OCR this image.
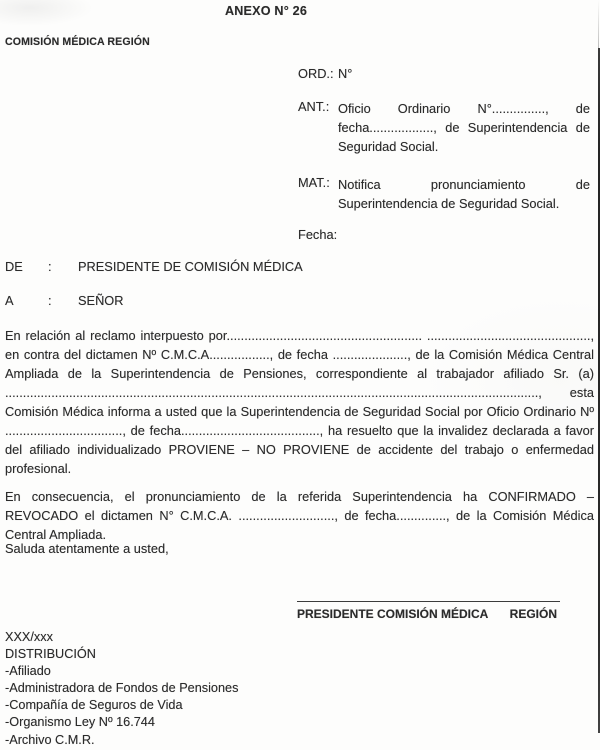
ANEXO N° 26
COMISIÓN MÉDICA REGIÓN
ORD.: N°
ANT.: Oficio Ordinario N°..............., de fecha.................., de Superintendencia de Seguridad Social.
MAT.: Notifica pronunciamiento de Superintendencia de Seguridad Social.
Fecha:
DE : PRESIDENTE DE COMISIÓN MÉDICA
A	: SEÑOR
En relación al reclamo interpuesto por....................................................... .............................................., en contra del dictamen Nº C.M.C.A................., de fecha ....................., de la Comisión Médica Central Ampliada de la Superintendencia de Pensiones, correspondiente al trabajador afiliado Sr. (a) ......................................................................................................................................................, esta Comisión Médica informa a usted que la Superintendencia de Seguridad Social por Oficio Ordinario Nº ................................., de fecha......................................., ha resuelto que la invalidez declarada a favor del afiliado individualizado PROVIENE – NO PROVIENE de accidente del trabajo o enfermedad profesional.
En consecuencia, el pronunciamiento de la referida Superintendencia ha CONFIRMADO – REVOCADO el dictamen N° C.M.C.A. ..........................., de fecha.............., de la Comisión Médica Central Ampliada.
Saluda atentamente a usted,
PRESIDENTE COMISIÓN MÉDICA REGIÓN
XXX/xxx
DISTRIBUCIÓN
-Afiliado
-Administradora de Fondos de Pensiones
-Compañía de Seguros de Vida
-Organismo Ley Nº 16.744
-Archivo C.M.R.
